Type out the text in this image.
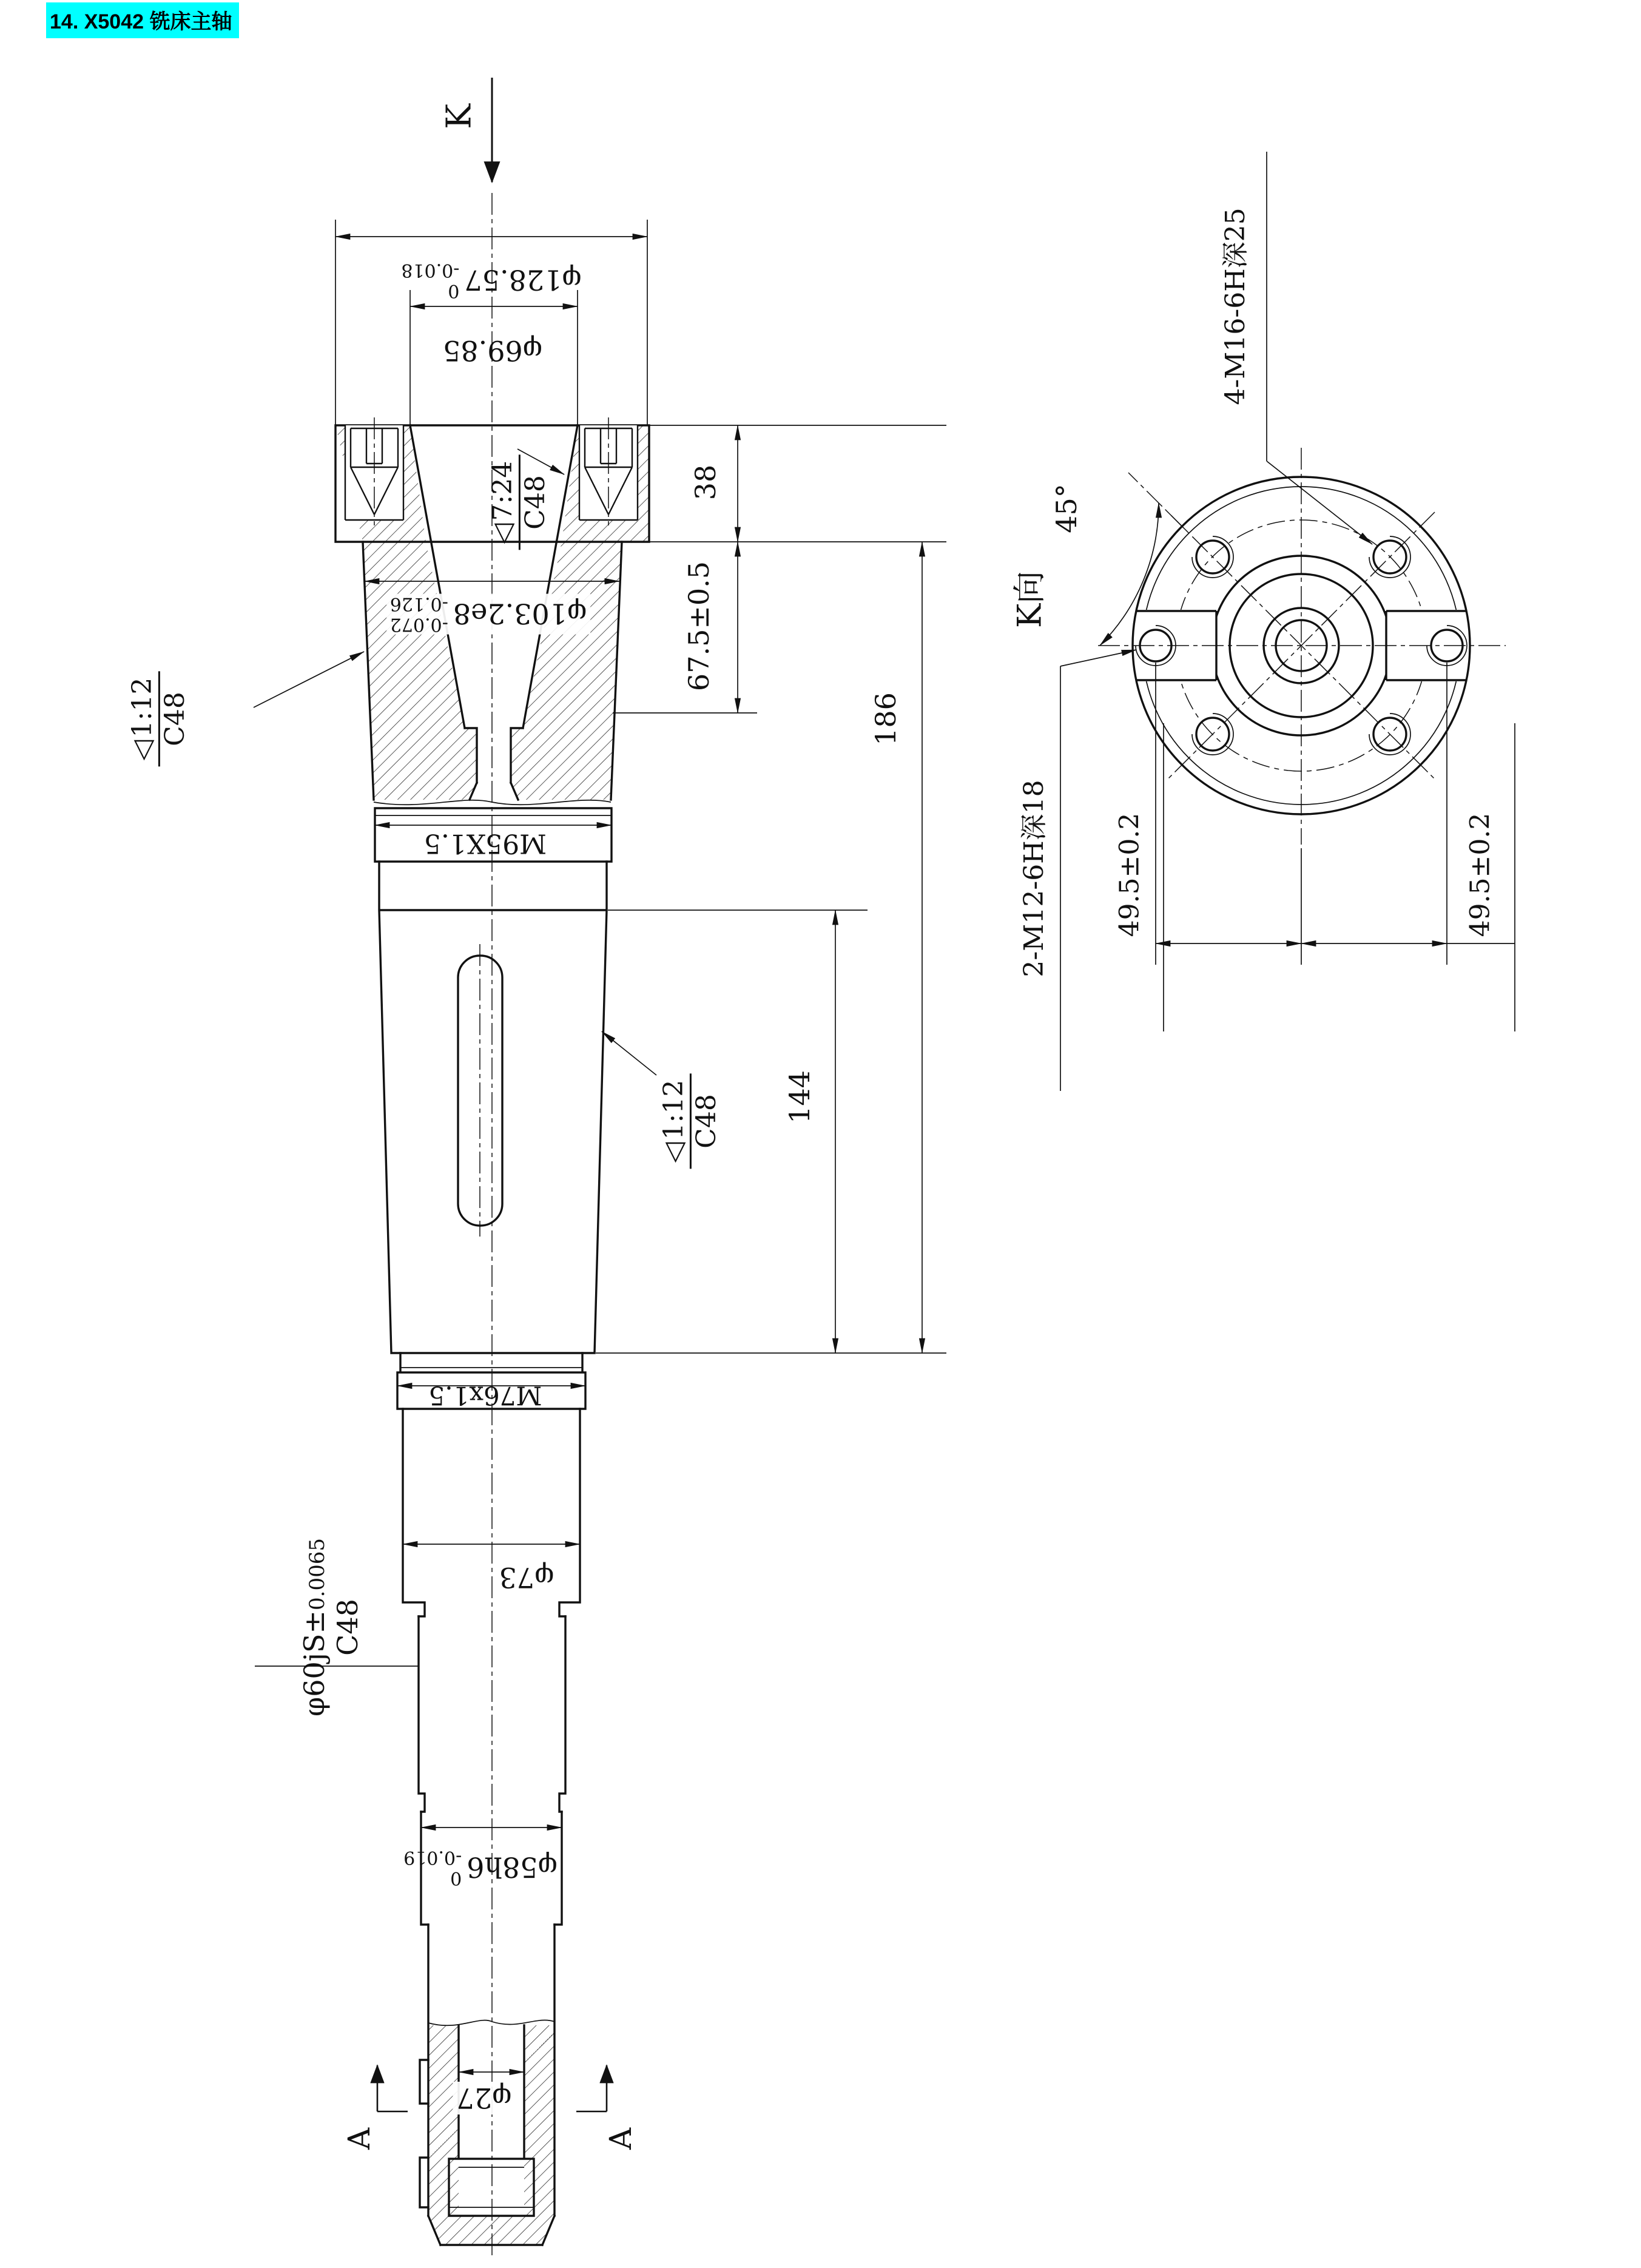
14. X5042 铣床主轴
K
φ128.57
0
-0.018
φ69.85
◁
7:24 C48	38
67.5±0.5
φ103.2e8
-0.072
-0.126
186
144
M95X1.5
◁
1:12 C48
◁
1:12 C48
M76x1.5
φ73
φ60jS±
0.0065
C48
φ58h6
0
-0.019
φ27
A	A
K向
45°
4-M16-6H深25
2-M12-6H深18 49.5±0.2	49.5±0.2
